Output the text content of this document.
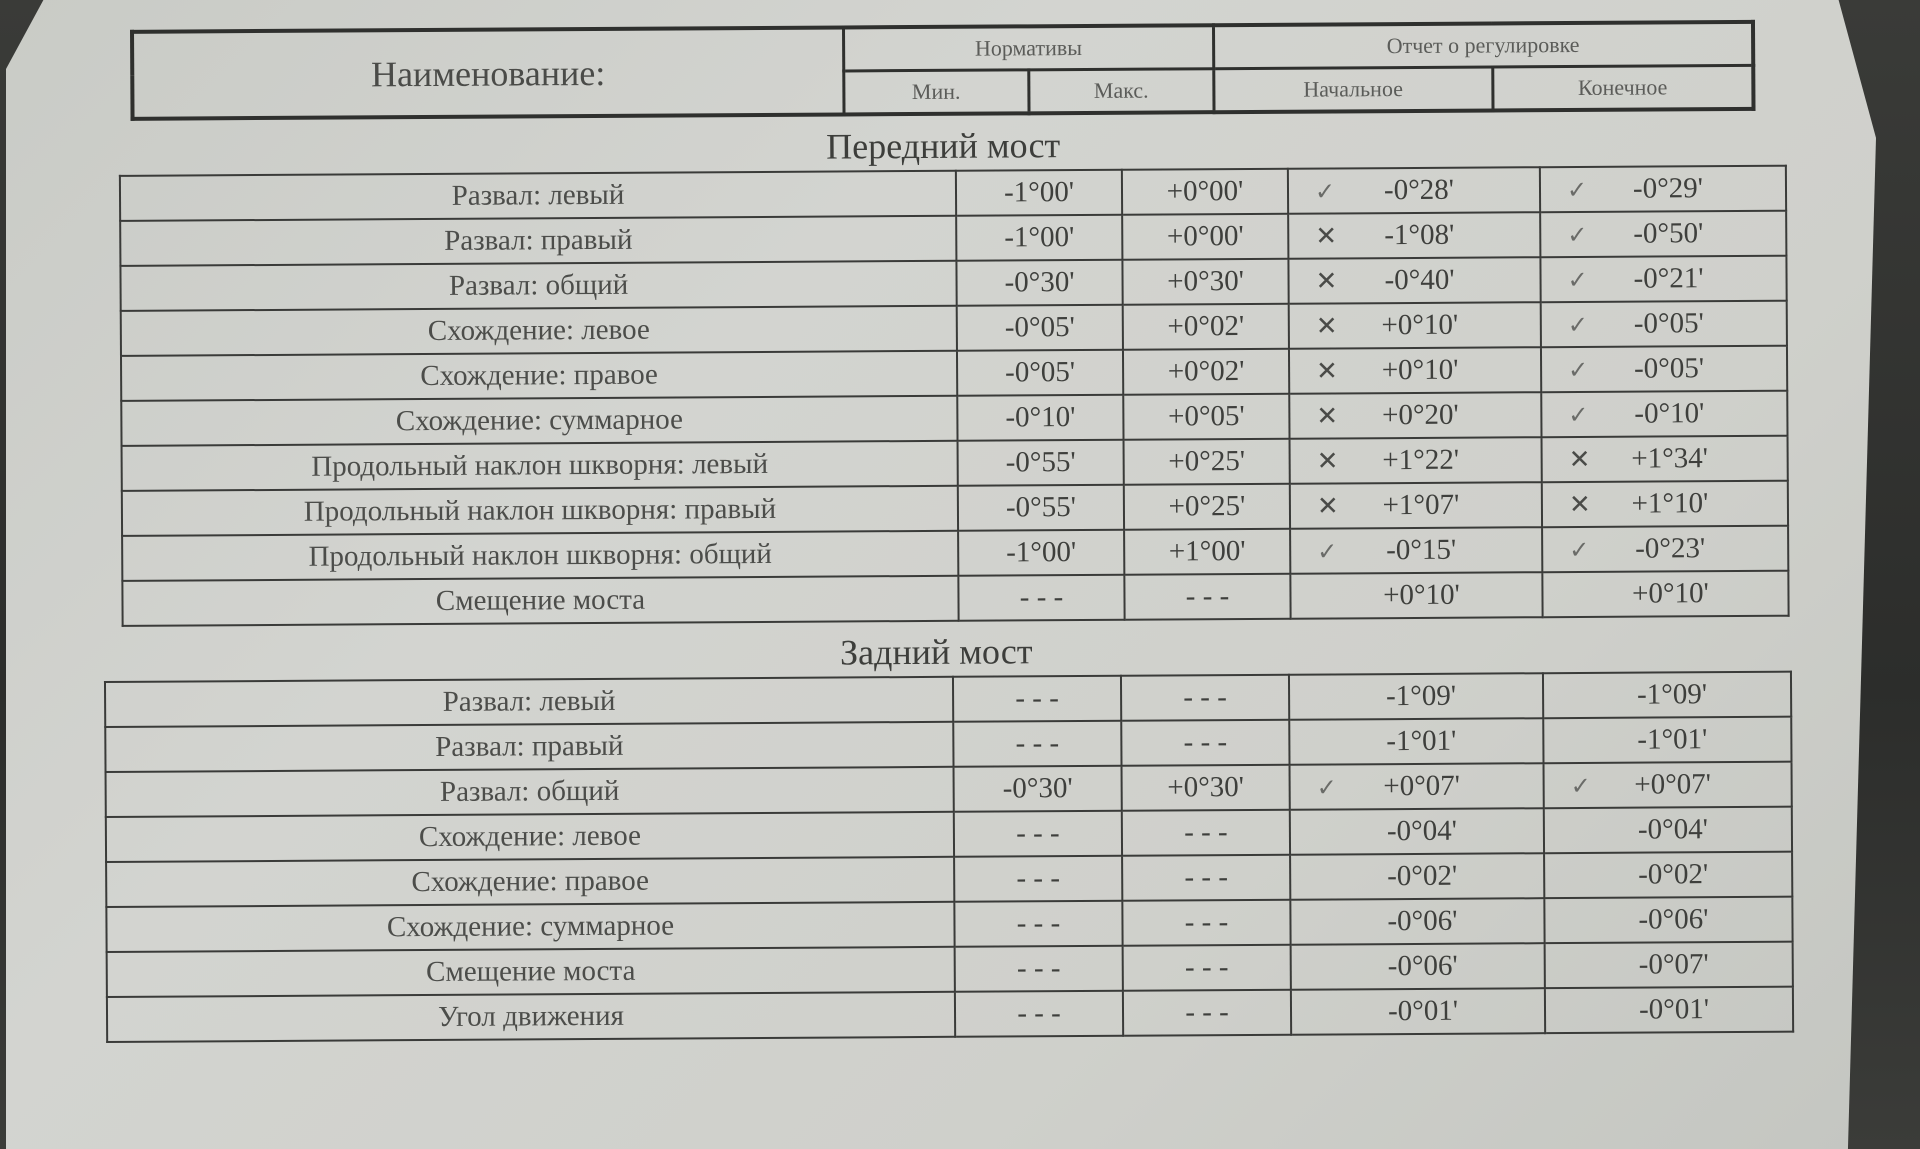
Наименование:	Нормативы		Отчет о регулировке	
	Мин.	Макс.	Начальное	Конечное
Передний мост
Развал: левый	-1°00'	+0°00'	✓ -0°28'	✓ -0°29'
Развал: правый	-1°00'	+0°00'	✕ -1°08'	✓ -0°50'
Развал: общий	-0°30'	+0°30'	✕ -0°40'	✓ -0°21'
Схождение: левое	-0°05'	+0°02'	✕ +0°10'	✓ -0°05'
Схождение: правое	-0°05'	+0°02'	✕ +0°10'	✓ -0°05'
Схождение: суммарное	-0°10'	+0°05'	✕ +0°20'	✓ -0°10'
Продольный наклон шкворня: левый	-0°55'	+0°25'	✕ +1°22'	✕ +1°34'
Продольный наклон шкворня: правый	-0°55'	+0°25'	✕ +1°07'	✕ +1°10'
Продольный наклон шкворня: общий	-1°00'	+1°00'	✓ -0°15'	✓ -0°23'
Смещение моста	- - -	- - -	+0°10'	+0°10'
Задний мост
Развал: левый	- - -	- - -	-1°09'	-1°09'
Развал: правый	- - -	- - -	-1°01'	-1°01'
Развал: общий	-0°30'	+0°30'	✓ +0°07'	✓ +0°07'
Схождение: левое	- - -	- - -	-0°04'	-0°04'
Схождение: правое	- - -	- - -	-0°02'	-0°02'
Схождение: суммарное	- - -	- - -	-0°06'	-0°06'
Смещение моста	- - -	- - -	-0°06'	-0°07'
Угол движения	- - -	- - -	-0°01'	-0°01'
